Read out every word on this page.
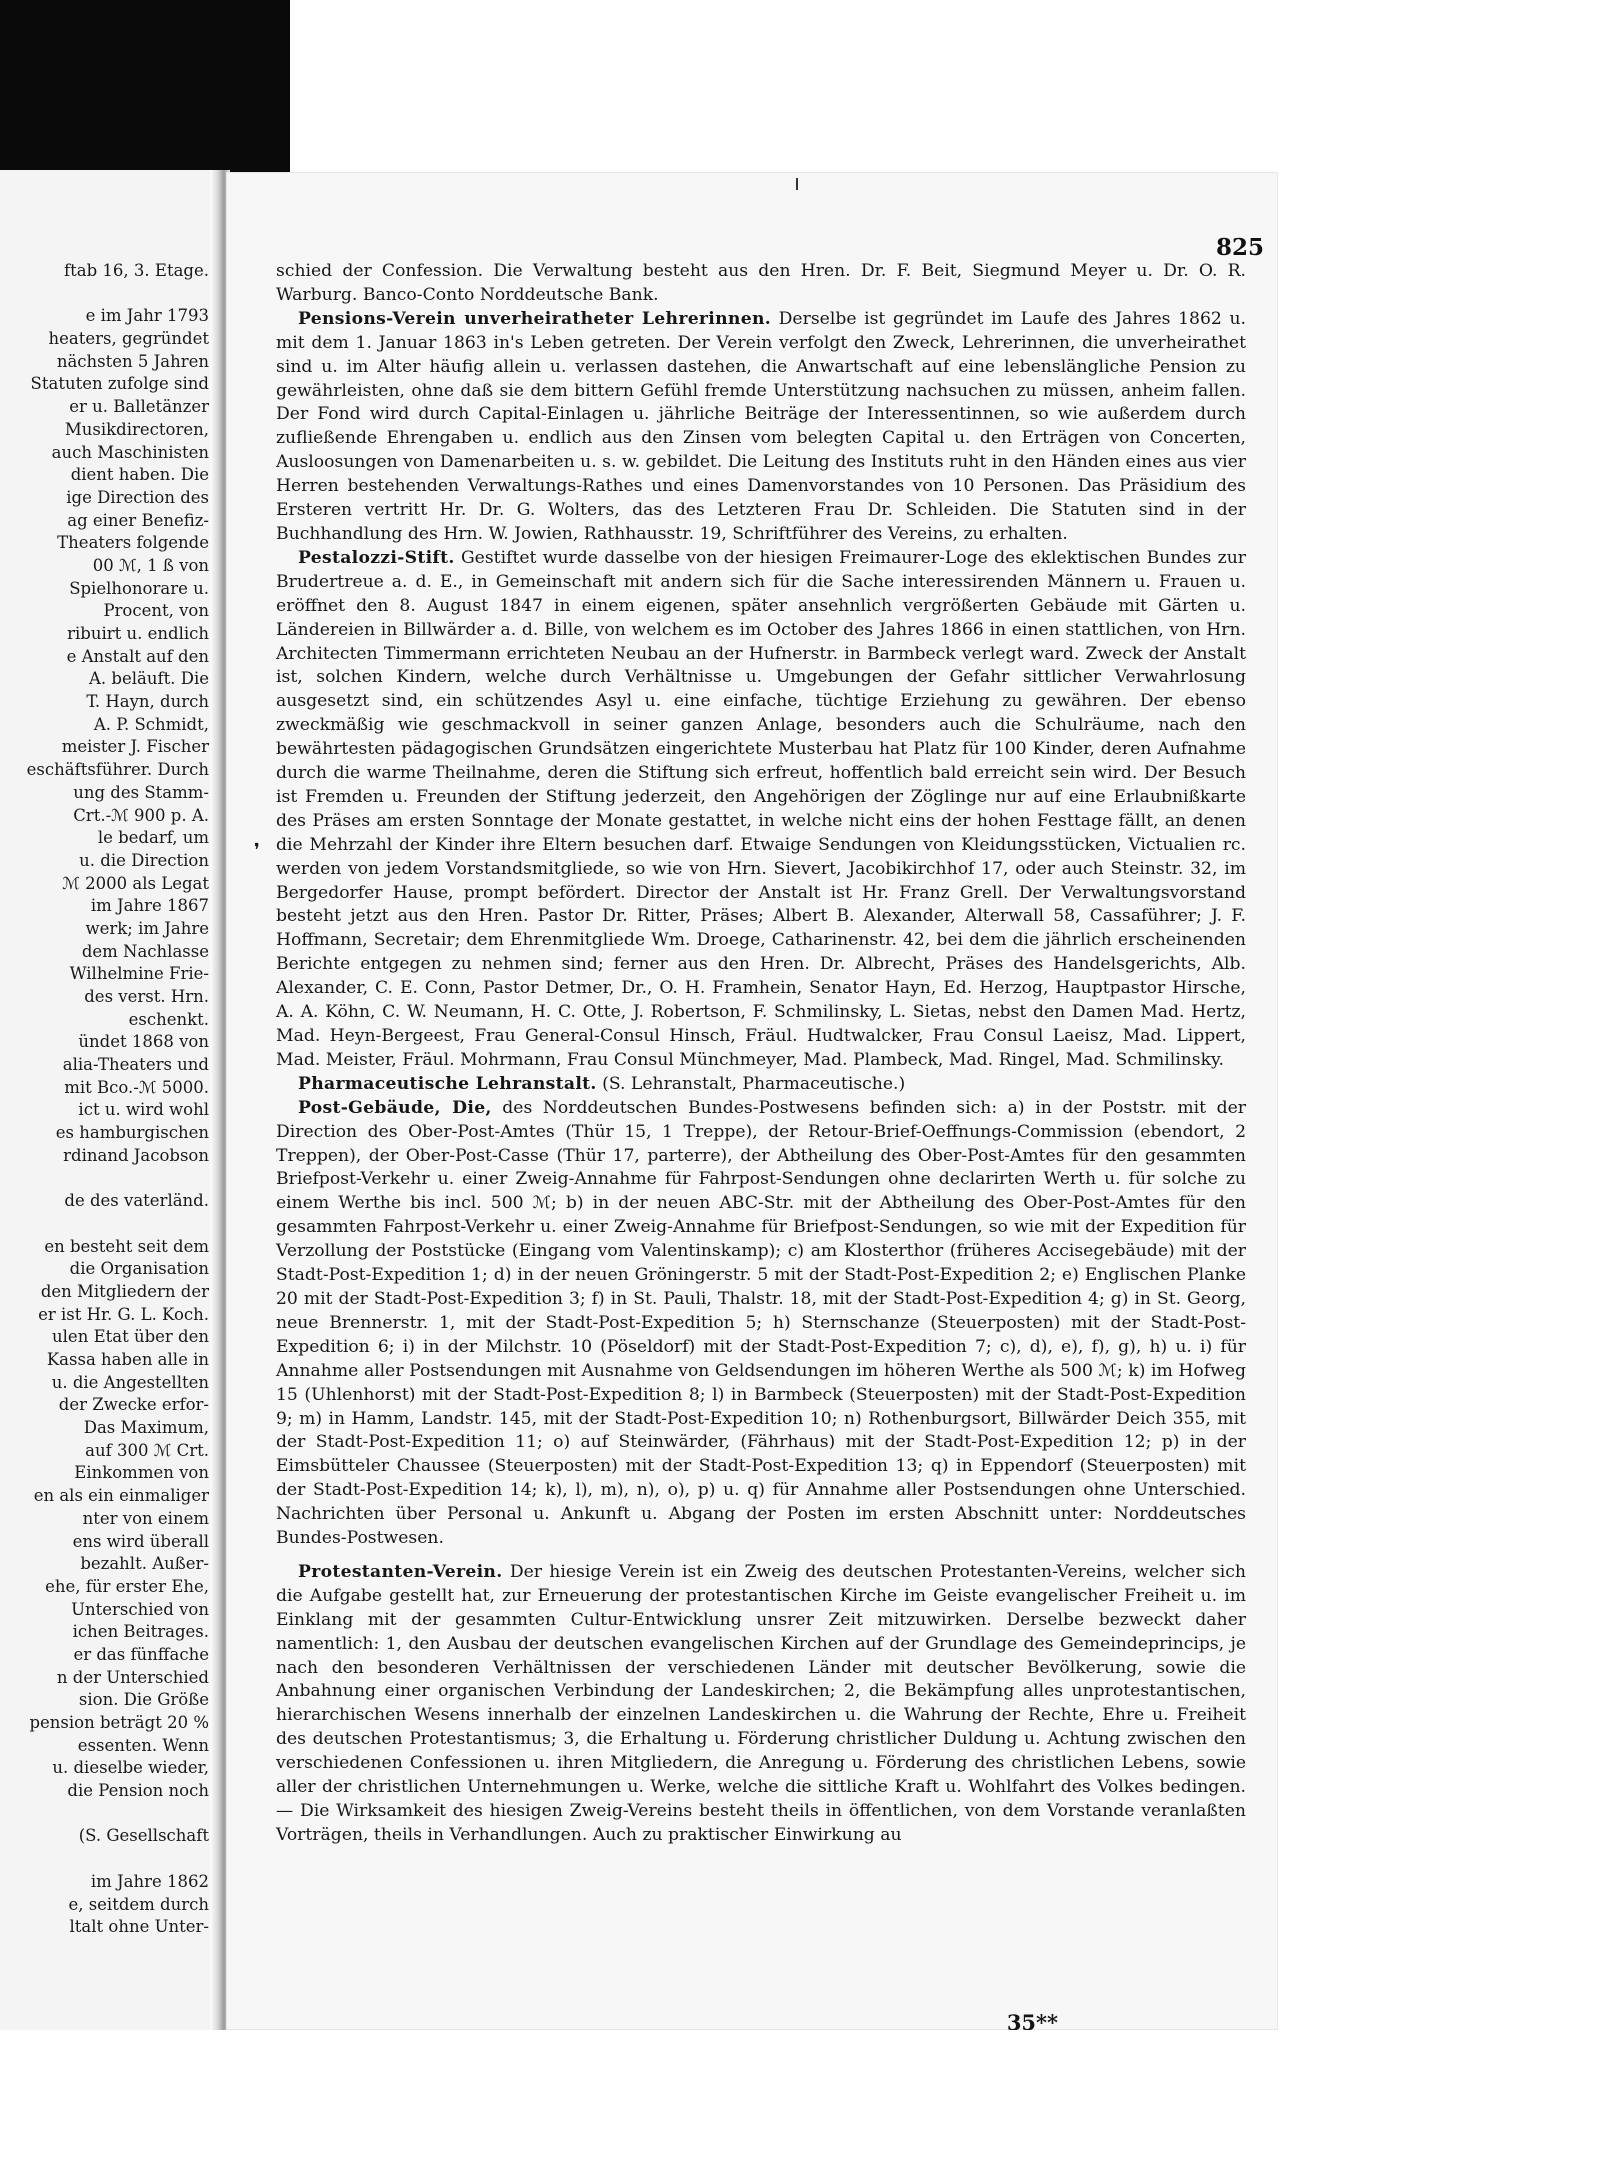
ftab 16, 3. Etage.
e im Jahr 1793
heaters, gegründet
nächsten 5 Jahren
Statuten zufolge sind
er u. Balletänzer
Musikdirectoren,
auch Maschinisten
dient haben. Die
ige Direction des
ag einer Benefiz-
Theaters folgende
00 ℳ, 1 ß von
Spielhonorare u.
Procent, von
ribuirt u. endlich
e Anstalt auf den
A. beläuft. Die
T. Hayn, durch
A. P. Schmidt,
meister J. Fischer
eschäftsführer. Durch
ung des Stamm-
Crt.-ℳ 900 p. A.
le bedarf, um
u. die Direction
ℳ 2000 als Legat
im Jahre 1867
werk; im Jahre
dem Nachlasse
Wilhelmine Frie-
des verst. Hrn.
eschenkt.
ündet 1868 von
alia-Theaters und
mit Bco.-ℳ 5000.
ict u. wird wohl
es hamburgischen
rdinand Jacobson
de des vaterländ.
en besteht seit dem
die Organisation
den Mitgliedern der
er ist Hr. G. L. Koch.
ulen Etat über den
Kassa haben alle in
u. die Angestellten
der Zwecke erfor-
Das Maximum,
auf 300 ℳ Crt.
Einkommen von
en als ein einmaliger
nter von einem
ens wird überall
bezahlt. Außer-
ehe, für erster Ehe,
Unterschied von
ichen Beitrages.
er das fünffache
n der Unterschied
sion. Die Größe
pension beträgt 20 %
essenten. Wenn
u. dieselbe wieder,
die Pension noch
(S. Gesellschaft
im Jahre 1862
e, seitdem durch
ltalt ohne Unter-
825
❜

schied der Confession. Die Verwaltung besteht aus den Hren. Dr. F. Beit, Siegmund Meyer u. Dr. O. R. Warburg. Banco-Conto Norddeutsche Bank.

Pensions-Verein unverheiratheter Lehrerinnen. Derselbe ist gegründet im Laufe des Jahres 1862 u. mit dem 1. Januar 1863 in's Leben getreten. Der Verein verfolgt den Zweck, Lehrerinnen, die unverheirathet sind u. im Alter häufig allein u. verlassen dastehen, die Anwartschaft auf eine lebenslängliche Pension zu gewährleisten, ohne daß sie dem bittern Gefühl fremde Unterstützung nachsuchen zu müssen, anheim fallen. Der Fond wird durch Capital-Einlagen u. jährliche Beiträge der Interessentinnen, so wie außerdem durch zufließende Ehrengaben u. endlich aus den Zinsen vom belegten Capital u. den Erträgen von Concerten, Ausloosungen von Damenarbeiten u. s. w. gebildet. Die Leitung des Instituts ruht in den Händen eines aus vier Herren bestehenden Verwaltungs-Rathes und eines Damenvorstandes von 10 Personen. Das Präsidium des Ersteren vertritt Hr. Dr. G. Wolters, das des Letzteren Frau Dr. Schleiden. Die Statuten sind in der Buchhandlung des Hrn. W. Jowien, Rathhausstr. 19, Schriftführer des Vereins, zu erhalten.

Pestalozzi-Stift. Gestiftet wurde dasselbe von der hiesigen Freimaurer-Loge des eklektischen Bundes zur Brudertreue a. d. E., in Gemeinschaft mit andern sich für die Sache interessirenden Männern u. Frauen u. eröffnet den 8. August 1847 in einem eigenen, später ansehnlich vergrößerten Gebäude mit Gärten u. Ländereien in Billwärder a. d. Bille, von welchem es im October des Jahres 1866 in einen stattlichen, von Hrn. Architecten Timmermann errichteten Neubau an der Hufnerstr. in Barmbeck verlegt ward. Zweck der Anstalt ist, solchen Kindern, welche durch Verhältnisse u. Umgebungen der Gefahr sittlicher Verwahrlosung ausgesetzt sind, ein schützendes Asyl u. eine einfache, tüchtige Erziehung zu gewähren. Der ebenso zweckmäßig wie geschmackvoll in seiner ganzen Anlage, besonders auch die Schulräume, nach den bewährtesten pädagogischen Grundsätzen eingerichtete Musterbau hat Platz für 100 Kinder, deren Aufnahme durch die warme Theilnahme, deren die Stiftung sich erfreut, hoffentlich bald erreicht sein wird. Der Besuch ist Fremden u. Freunden der Stiftung jederzeit, den Angehörigen der Zöglinge nur auf eine Erlaubnißkarte des Präses am ersten Sonntage der Monate gestattet, in welche nicht eins der hohen Festtage fällt, an denen die Mehrzahl der Kinder ihre Eltern besuchen darf. Etwaige Sendungen von Kleidungsstücken, Victualien rc. werden von jedem Vorstandsmitgliede, so wie von Hrn. Sievert, Jacobikirchhof 17, oder auch Steinstr. 32, im Bergedorfer Hause, prompt befördert. Director der Anstalt ist Hr. Franz Grell. Der Verwaltungsvorstand besteht jetzt aus den Hren. Pastor Dr. Ritter, Präses; Albert B. Alexander, Alterwall 58, Cassaführer; J. F. Hoffmann, Secretair; dem Ehrenmitgliede Wm. Droege, Catharinenstr. 42, bei dem die jährlich erscheinenden Berichte entgegen zu nehmen sind; ferner aus den Hren. Dr. Albrecht, Präses des Handelsgerichts, Alb. Alexander, C. E. Conn, Pastor Detmer, Dr., O. H. Framhein, Senator Hayn, Ed. Herzog, Hauptpastor Hirsche, A. A. Köhn, C. W. Neumann, H. C. Otte, J. Robertson, F. Schmilinsky, L. Sietas, nebst den Damen Mad. Hertz, Mad. Heyn-Bergeest, Frau General-Consul Hinsch, Fräul. Hudtwalcker, Frau Consul Laeisz, Mad. Lippert, Mad. Meister, Fräul. Mohrmann, Frau Consul Münchmeyer, Mad. Plambeck, Mad. Ringel, Mad. Schmilinsky.

Pharmaceutische Lehranstalt. (S. Lehranstalt, Pharmaceutische.)

Post-Gebäude, Die, des Norddeutschen Bundes-Postwesens befinden sich: a) in der Poststr. mit der Direction des Ober-Post-Amtes (Thür 15, 1 Treppe), der Retour-Brief-Oeffnungs-Commission (ebendort, 2 Treppen), der Ober-Post-Casse (Thür 17, parterre), der Abtheilung des Ober-Post-Amtes für den gesammten Briefpost-Verkehr u. einer Zweig-Annahme für Fahrpost-Sendungen ohne declarirten Werth u. für solche zu einem Werthe bis incl. 500 ℳ; b) in der neuen ABC-Str. mit der Abtheilung des Ober-Post-Amtes für den gesammten Fahrpost-Verkehr u. einer Zweig-Annahme für Briefpost-Sendungen, so wie mit der Expedition für Verzollung der Poststücke (Eingang vom Valentinskamp); c) am Klosterthor (früheres Accisegebäude) mit der Stadt-Post-Expedition 1; d) in der neuen Gröningerstr. 5 mit der Stadt-Post-Expedition 2; e) Englischen Planke 20 mit der Stadt-Post-Expedition 3; f) in St. Pauli, Thalstr. 18, mit der Stadt-Post-Expedition 4; g) in St. Georg, neue Brennerstr. 1, mit der Stadt-Post-Expedition 5; h) Sternschanze (Steuerposten) mit der Stadt-Post-Expedition 6; i) in der Milchstr. 10 (Pöseldorf) mit der Stadt-Post-Expedition 7; c), d), e), f), g), h) u. i) für Annahme aller Postsendungen mit Ausnahme von Geldsendungen im höheren Werthe als 500 ℳ; k) im Hofweg 15 (Uhlenhorst) mit der Stadt-Post-Expedition 8; l) in Barmbeck (Steuerposten) mit der Stadt-Post-Expedition 9; m) in Hamm, Landstr. 145, mit der Stadt-Post-Expedition 10; n) Rothenburgsort, Billwärder Deich 355, mit der Stadt-Post-Expedition 11; o) auf Steinwärder, (Fährhaus) mit der Stadt-Post-Expedition 12; p) in der Eimsbütteler Chaussee (Steuerposten) mit der Stadt-Post-Expedition 13; q) in Eppendorf (Steuerposten) mit der Stadt-Post-Expedition 14; k), l), m), n), o), p) u. q) für Annahme aller Postsendungen ohne Unterschied. Nachrichten über Personal u. Ankunft u. Abgang der Posten im ersten Abschnitt unter: Norddeutsches Bundes-Postwesen.

Protestanten-Verein. Der hiesige Verein ist ein Zweig des deutschen Protestanten-Vereins, welcher sich die Aufgabe gestellt hat, zur Erneuerung der protestantischen Kirche im Geiste evangelischer Freiheit u. im Einklang mit der gesammten Cultur-Entwicklung unsrer Zeit mitzuwirken. Derselbe bezweckt daher namentlich: 1, den Ausbau der deutschen evangelischen Kirchen auf der Grundlage des Gemeindeprincips, je nach den besonderen Verhältnissen der verschiedenen Länder mit deutscher Bevölkerung, sowie die Anbahnung einer organischen Verbindung der Landeskirchen; 2, die Bekämpfung alles unprotestantischen, hierarchischen Wesens innerhalb der einzelnen Landeskirchen u. die Wahrung der Rechte, Ehre u. Freiheit des deutschen Protestantismus; 3, die Erhaltung u. Förderung christlicher Duldung u. Achtung zwischen den verschiedenen Confessionen u. ihren Mitgliedern, die Anregung u. Förderung des christlichen Lebens, sowie aller der christlichen Unternehmungen u. Werke, welche die sittliche Kraft u. Wohlfahrt des Volkes bedingen. — Die Wirksamkeit des hiesigen Zweig-Vereins besteht theils in öffentlichen, von dem Vorstande veranlaßten Vorträgen, theils in Verhandlungen. Auch zu praktischer Einwirkung au

35**
